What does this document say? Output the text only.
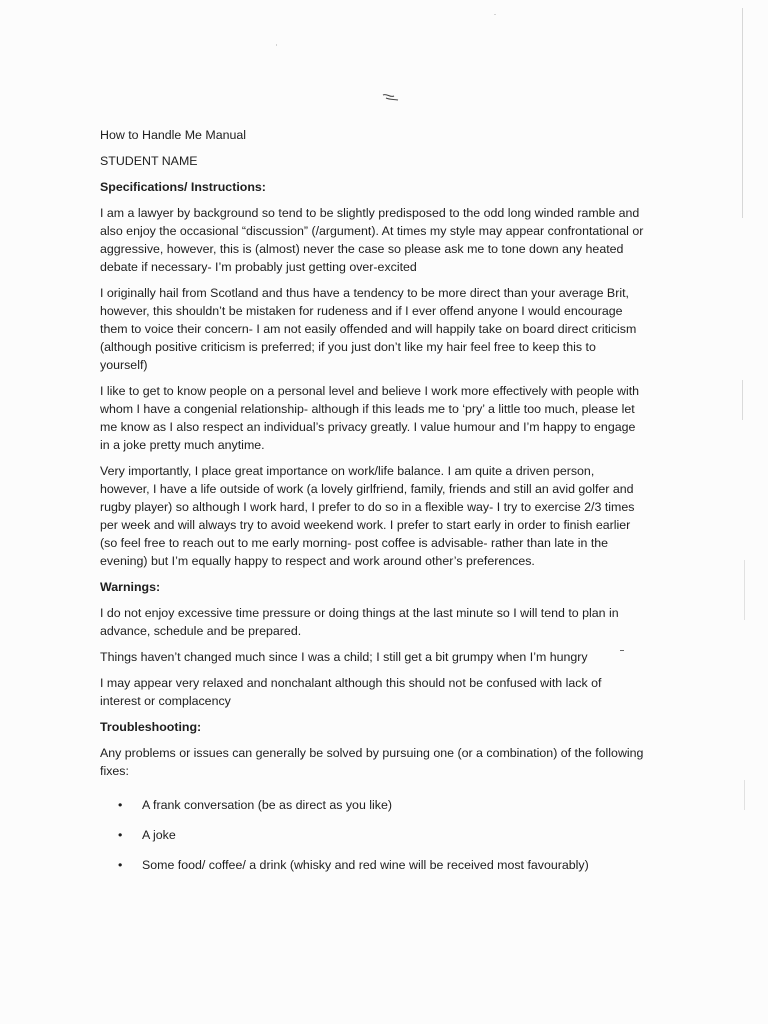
How to Handle Me Manual
STUDENT NAME
Specifications/ Instructions:
I am a lawyer by background so tend to be slightly predisposed to the odd long winded ramble and also enjoy the occasional “discussion” (/argument). At times my style may appear confrontational or aggressive, however, this is (almost) never the case so please ask me to tone down any heated debate if necessary- I’m probably just getting over-excited
I originally hail from Scotland and thus have a tendency to be more direct than your average Brit, however, this shouldn’t be mistaken for rudeness and if I ever offend anyone I would encourage them to voice their concern- I am not easily offended and will happily take on board direct criticism (although positive criticism is preferred; if you just don’t like my hair feel free to keep this to yourself)
I like to get to know people on a personal level and believe I work more effectively with people with whom I have a congenial relationship- although if this leads me to ‘pry’ a little too much, please let me know as I also respect an individual’s privacy greatly. I value humour and I’m happy to engage in a joke pretty much anytime.
Very importantly, I place great importance on work/life balance. I am quite a driven person, however, I have a life outside of work (a lovely girlfriend, family, friends and still an avid golfer and rugby player) so although I work hard, I prefer to do so in a flexible way- I try to exercise 2/3 times per week and will always try to avoid weekend work. I prefer to start early in order to finish earlier (so feel free to reach out to me early morning- post coffee is advisable- rather than late in the evening) but I’m equally happy to respect and work around other’s preferences.
Warnings:
I do not enjoy excessive time pressure or doing things at the last minute so I will tend to plan in advance, schedule and be prepared.
Things haven’t changed much since I was a child; I still get a bit grumpy when I’m hungry
I may appear very relaxed and nonchalant although this should not be confused with lack of interest or complacency
Troubleshooting:
Any problems or issues can generally be solved by pursuing one (or a combination) of the following fixes:
• A frank conversation (be as direct as you like)
• A joke
• Some food/ coffee/ a drink (whisky and red wine will be received most favourably)
